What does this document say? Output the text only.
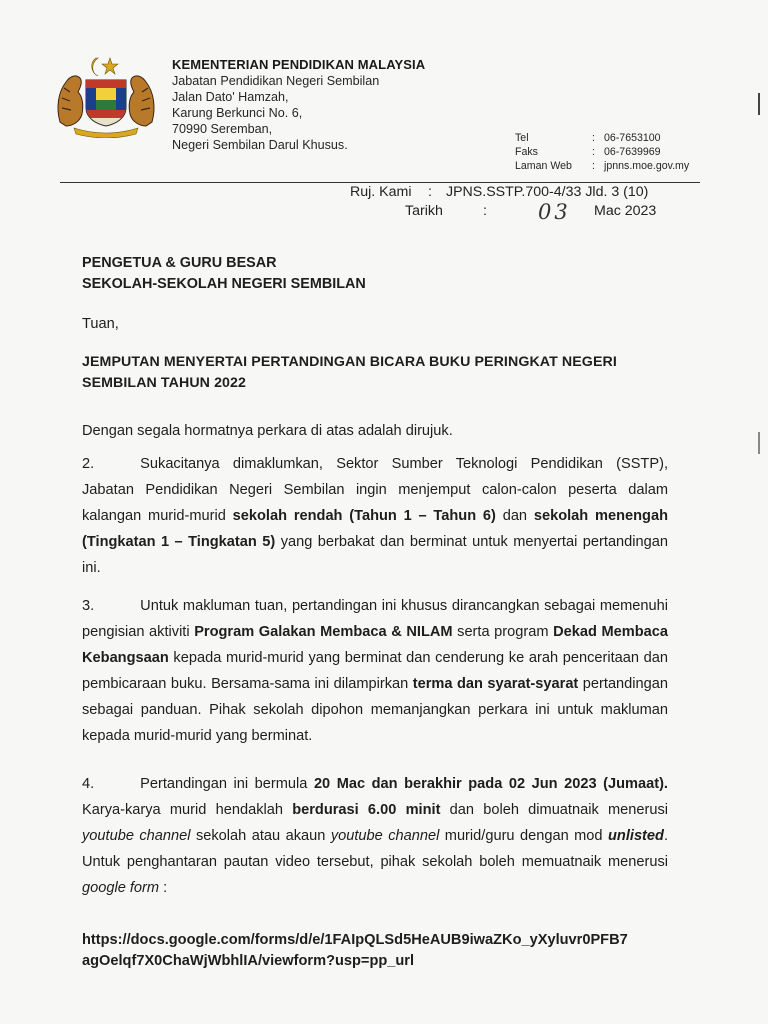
KEMENTERIAN PENDIDIKAN MALAYSIA
Jabatan Pendidikan Negeri Sembilan
Jalan Dato' Hamzah,
Karung Berkunci No. 6,
70990 Seremban,
Negeri Sembilan Darul Khusus.	Tel	: 06-7653100
Faks	: 06-7639969
Laman Web	: jpnns.moe.gov.my
Ruj. Kami : JPNS.SSTP.700-4/33 Jld. 3 (10)
Tarikh	: 03 Mac 2023
PENGETUA & GURU BESAR
SEKOLAH-SEKOLAH NEGERI SEMBILAN
Tuan,
JEMPUTAN MENYERTAI PERTANDINGAN BICARA BUKU PERINGKAT NEGERI
SEMBILAN TAHUN 2022
Dengan segala hormatnya perkara di atas adalah dirujuk.
2.	Sukacitanya dimaklumkan, Sektor Sumber Teknologi Pendidikan (SSTP), Jabatan Pendidikan Negeri Sembilan ingin menjemput calon-calon peserta dalam kalangan murid-murid sekolah rendah (Tahun 1 – Tahun 6) dan sekolah menengah (Tingkatan 1 – Tingkatan 5) yang berbakat dan berminat untuk menyertai pertandingan ini.
3.	Untuk makluman tuan, pertandingan ini khusus dirancangkan sebagai memenuhi pengisian aktiviti Program Galakan Membaca & NILAM serta program Dekad Membaca Kebangsaan kepada murid-murid yang berminat dan cenderung ke arah penceritaan dan pembicaraan buku. Bersama-sama ini dilampirkan terma dan syarat-syarat pertandingan sebagai panduan. Pihak sekolah dipohon memanjangkan perkara ini untuk makluman kepada murid-murid yang berminat.
4.	Pertandingan ini bermula 20 Mac dan berakhir pada 02 Jun 2023 (Jumaat). Karya-karya murid hendaklah berdurasi 6.00 minit dan boleh dimuatnaik menerusi youtube channel sekolah atau akaun youtube channel murid/guru dengan mod unlisted. Untuk penghantaran pautan video tersebut, pihak sekolah boleh memuatnaik menerusi google form :
https://docs.google.com/forms/d/e/1FAIpQLSd5HeAUB9iwaZKo_yXyluvr0PFB7
agOelqf7X0ChaWjWbhlIA/viewform?usp=pp_url
